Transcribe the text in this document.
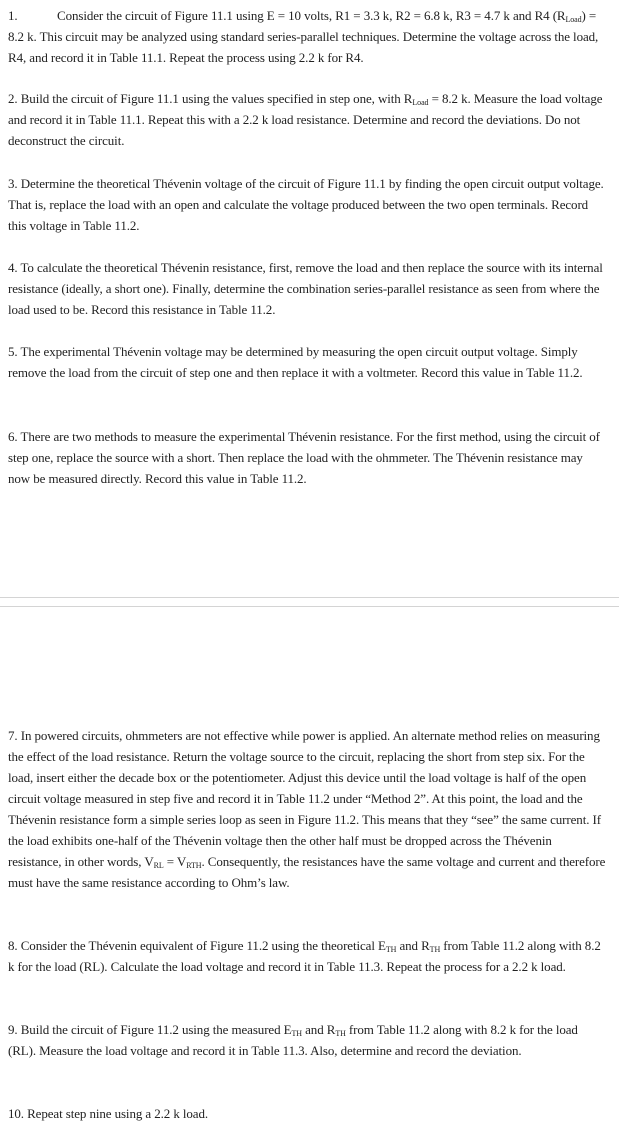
1.	Consider the circuit of Figure 11.1 using E = 10 volts, R1 = 3.3 k, R2 = 6.8 k, R3 = 4.7 k and R4 $(R_{Load}) = 8.2$ k. This circuit may be analyzed using standard series-parallel techniques. Determine the voltage across the load, R4, and record it in Table 11.1. Repeat the process using 2.2 k for R4.

2. Build the circuit of Figure 11.1 using the values specified in step one, with $R_{Load} = 8.2$ k. Measure the load voltage and record it in Table 11.1. Repeat this with a 2.2 k load resistance. Determine and record the deviations. Do not deconstruct the circuit.

3. Determine the theoretical Thévenin voltage of the circuit of Figure 11.1 by finding the open circuit output voltage. That is, replace the load with an open and calculate the voltage produced between the two open terminals. Record this voltage in Table 11.2.

4. To calculate the theoretical Thévenin resistance, first, remove the load and then replace the source with its internal resistance (ideally, a short one). Finally, determine the combination series-parallel resistance as seen from where the load used to be. Record this resistance in Table 11.2.

5. The experimental Thévenin voltage may be determined by measuring the open circuit output voltage. Simply remove the load from the circuit of step one and then replace it with a voltmeter. Record this value in Table 11.2.

6. There are two methods to measure the experimental Thévenin resistance. For the first method, using the circuit of step one, replace the source with a short. Then replace the load with the ohmmeter. The Thévenin resistance may now be measured directly. Record this value in Table 11.2.

7. In powered circuits, ohmmeters are not effective while power is applied. An alternate method relies on measuring the effect of the load resistance. Return the voltage source to the circuit, replacing the short from step six. For the load, insert either the decade box or the potentiometer. Adjust this device until the load voltage is half of the open circuit voltage measured in step five and record it in Table 11.2 under “Method 2”. At this point, the load and the Thévenin resistance form a simple series loop as seen in Figure 11.2. This means that they “see” the same current. If the load exhibits one-half of the Thévenin voltage then the other half must be dropped across the Thévenin resistance, in other words, $V_{RL} = V_{RTH}$. Consequently, the resistances have the same voltage and current and therefore must have the same resistance according to Ohm’s law.

8. Consider the Thévenin equivalent of Figure 11.2 using the theoretical $E_{TH}$ and $R_{TH}$ from Table 11.2 along with 8.2 k for the load (RL). Calculate the load voltage and record it in Table 11.3. Repeat the process for a 2.2 k load.

9. Build the circuit of Figure 11.2 using the measured $E_{TH}$ and $R_{TH}$ from Table 11.2 along with 8.2 k for the load (RL). Measure the load voltage and record it in Table 11.3. Also, determine and record the deviation.

10. Repeat step nine using a 2.2 k load.
